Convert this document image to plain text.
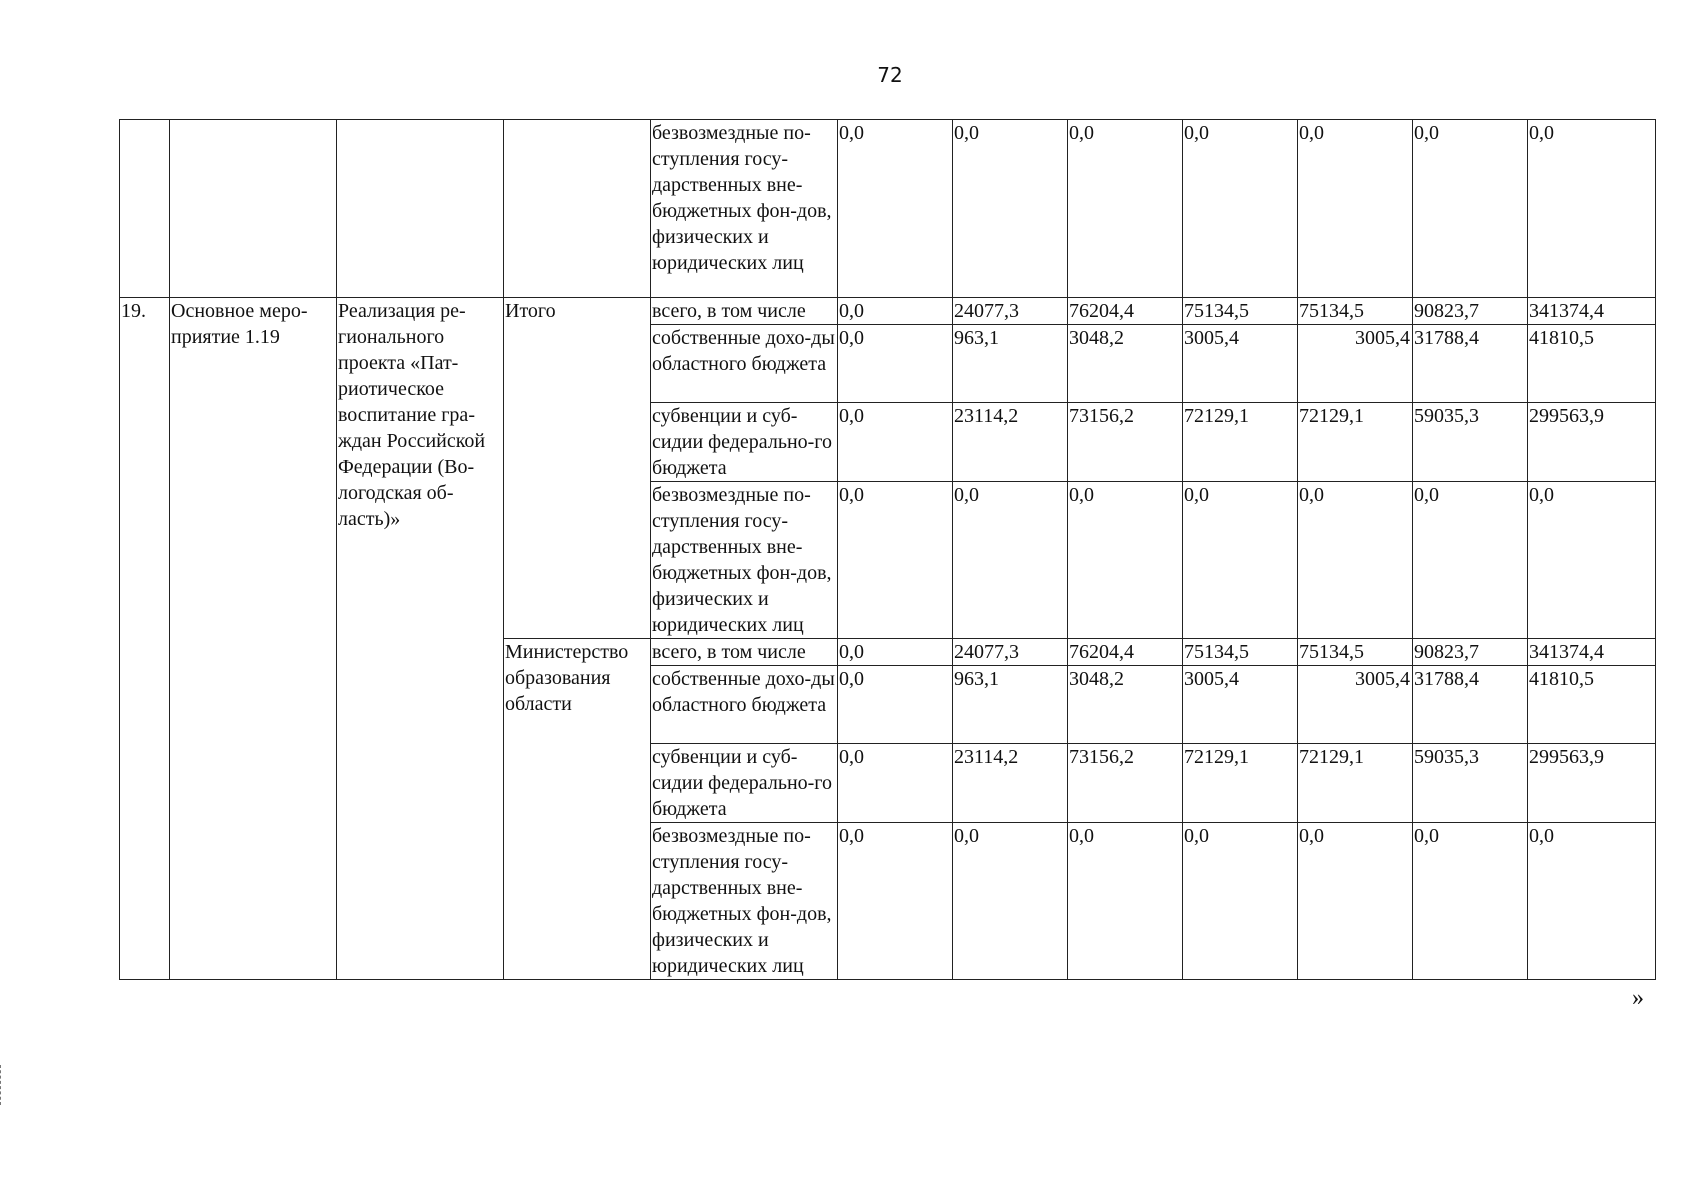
72
				безвозмездные по-ступления госу-дарственных вне-бюджетных фон-дов, физических и юридических лиц	0,0	0,0	0,0	0,0	0,0	0,0	0,0
19.	Основное меро-приятие 1.19	Реализация ре-гионального проекта «Пат-риотическое воспитание гра-ждан Российской Федерации (Во-логодская об-ласть)»	Итого	всего, в том числе	0,0	24077,3	76204,4	75134,5	75134,5	90823,7	341374,4
				собственные дохо-ды областного бюджета	0,0	963,1	3048,2	3005,4	3005,4	31788,4	41810,5
				субвенции и суб-сидии федерально-го бюджета	0,0	23114,2	73156,2	72129,1	72129,1	59035,3	299563,9
				безвозмездные по-ступления госу-дарственных вне-бюджетных фон-дов, физических и юридических лиц	0,0	0,0	0,0	0,0	0,0	0,0	0,0
			Министерство образования области	всего, в том числе	0,0	24077,3	76204,4	75134,5	75134,5	90823,7	341374,4
				собственные дохо-ды областного бюджета	0,0	963,1	3048,2	3005,4	3005,4	31788,4	41810,5
				субвенции и суб-сидии федерально-го бюджета	0,0	23114,2	73156,2	72129,1	72129,1	59035,3	299563,9
				безвозмездные по-ступления госу-дарственных вне-бюджетных фон-дов, физических и юридических лиц	0,0	0,0	0,0	0,0	0,0	0,0	0,0
»
